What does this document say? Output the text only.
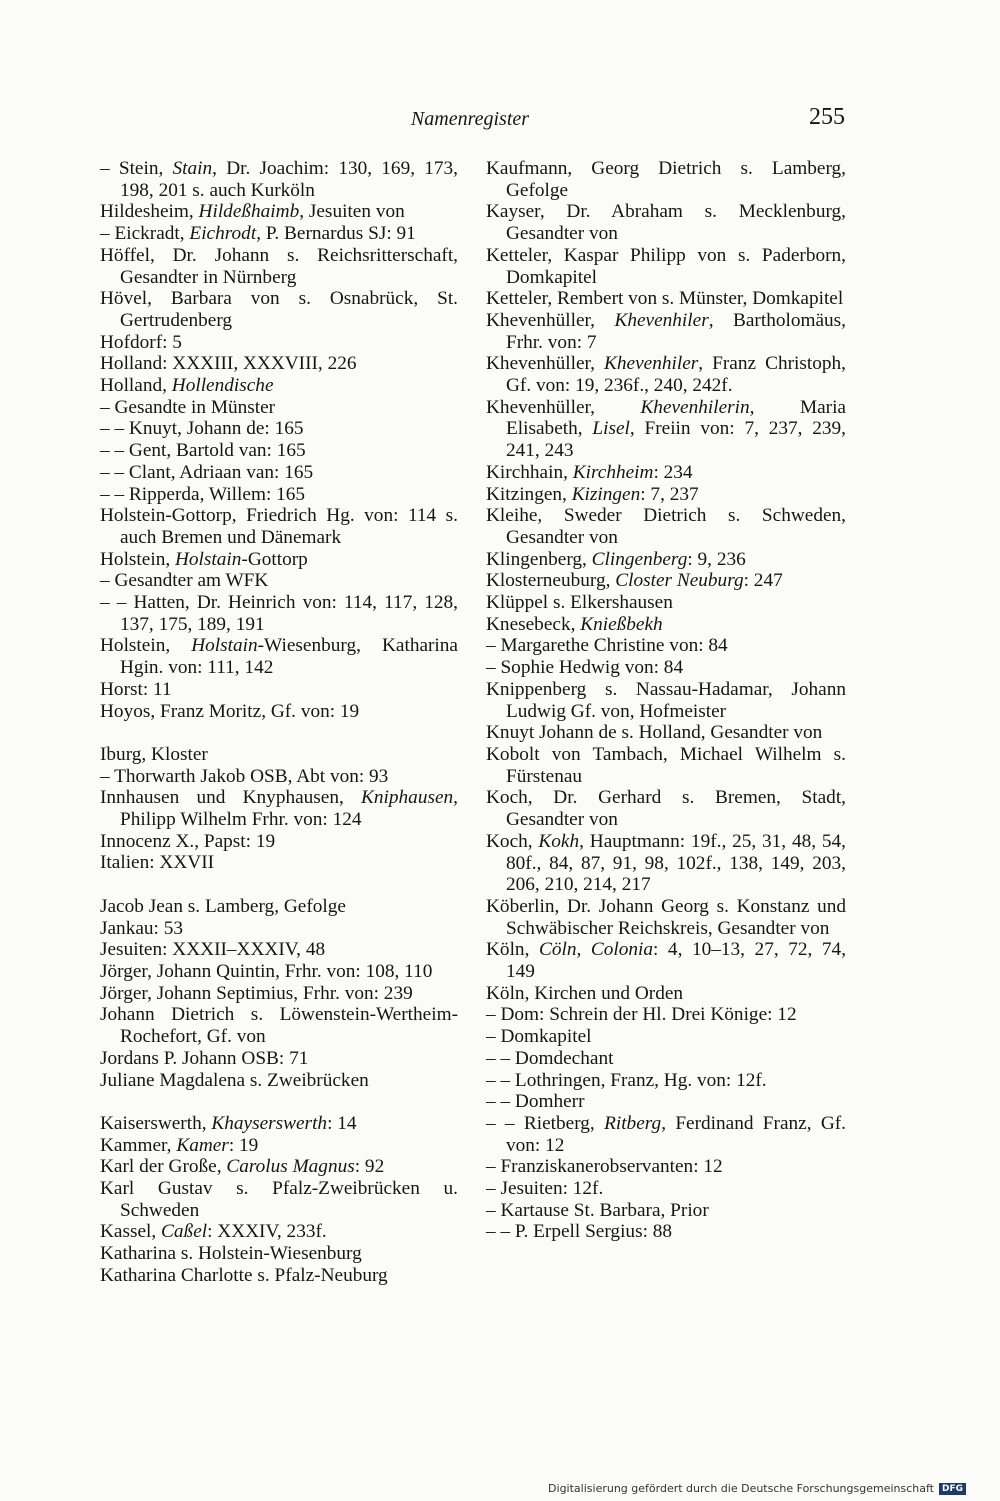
Namenregister	255
– Stein, Stain, Dr. Joachim: 130, 169, 173, 198, 201 s. auch Kurköln
Hildesheim, Hildeßhaimb, Jesuiten von
– Eickradt, Eichrodt, P. Bernardus SJ: 91
Höffel, Dr. Johann s. Reichsritterschaft, Gesandter in Nürnberg
Hövel, Barbara von s. Osnabrück, St. Gertrudenberg
Hofdorf: 5
Holland: XXXIII, XXXVIII, 226
Holland, Hollendische
– Gesandte in Münster
– – Knuyt, Johann de: 165
– – Gent, Bartold van: 165
– – Clant, Adriaan van: 165
– – Ripperda, Willem: 165
Holstein-Gottorp, Friedrich Hg. von: 114 s. auch Bremen und Dänemark
Holstein, Holstain-Gottorp
– Gesandter am WFK
– – Hatten, Dr. Heinrich von: 114, 117, 128, 137, 175, 189, 191
Holstein, Holstain-Wiesenburg, Katharina Hgin. von: 111, 142
Horst: 11
Hoyos, Franz Moritz, Gf. von: 19
Iburg, Kloster
– Thorwarth Jakob OSB, Abt von: 93
Innhausen und Knyphausen, Kniphausen, Philipp Wilhelm Frhr. von: 124
Innocenz X., Papst: 19
Italien: XXVII
Jacob Jean s. Lamberg, Gefolge
Jankau: 53
Jesuiten: XXXII–XXXIV, 48
Jörger, Johann Quintin, Frhr. von: 108, 110
Jörger, Johann Septimius, Frhr. von: 239
Johann Dietrich s. Löwenstein-Wertheim-Rochefort, Gf. von
Jordans P. Johann OSB: 71
Juliane Magdalena s. Zweibrücken
Kaiserswerth, Khayserswerth: 14
Kammer, Kamer: 19
Karl der Große, Carolus Magnus: 92
Karl Gustav s. Pfalz-Zweibrücken u. Schweden
Kassel, Caßel: XXXIV, 233f.
Katharina s. Holstein-Wiesenburg
Katharina Charlotte s. Pfalz-Neuburg
Kaufmann, Georg Dietrich s. Lamberg, Gefolge
Kayser, Dr. Abraham s. Mecklenburg, Gesandter von
Ketteler, Kaspar Philipp von s. Paderborn, Domkapitel
Ketteler, Rembert von s. Münster, Domkapitel
Khevenhüller, Khevenhiler, Bartholomäus, Frhr. von: 7
Khevenhüller, Khevenhiler, Franz Christoph, Gf. von: 19, 236f., 240, 242f.
Khevenhüller, Khevenhilerin, Maria Elisabeth, Lisel, Freiin von: 7, 237, 239, 241, 243
Kirchhain, Kirchheim: 234
Kitzingen, Kizingen: 7, 237
Kleihe, Sweder Dietrich s. Schweden, Gesandter von
Klingenberg, Clingenberg: 9, 236
Klosterneuburg, Closter Neuburg: 247
Klüppel s. Elkershausen
Knesebeck, Knießbekh
– Margarethe Christine von: 84
– Sophie Hedwig von: 84
Knippenberg s. Nassau-Hadamar, Johann Ludwig Gf. von, Hofmeister
Knuyt Johann de s. Holland, Gesandter von
Kobolt von Tambach, Michael Wilhelm s. Fürstenau
Koch, Dr. Gerhard s. Bremen, Stadt, Gesandter von
Koch, Kokh, Hauptmann: 19f., 25, 31, 48, 54, 80f., 84, 87, 91, 98, 102f., 138, 149, 203, 206, 210, 214, 217
Köberlin, Dr. Johann Georg s. Konstanz und Schwäbischer Reichskreis, Gesandter von
Köln, Cöln, Colonia: 4, 10–13, 27, 72, 74, 149
Köln, Kirchen und Orden
– Dom: Schrein der Hl. Drei Könige: 12
– Domkapitel
– – Domdechant
– – Lothringen, Franz, Hg. von: 12f.
– – Domherr
– – Rietberg, Ritberg, Ferdinand Franz, Gf. von: 12
– Franziskanerobservanten: 12
– Jesuiten: 12f.
– Kartause St. Barbara, Prior
– – P. Erpell Sergius: 88
Digitalisierung gefördert durch die Deutsche Forschungsgemeinschaft DFG
